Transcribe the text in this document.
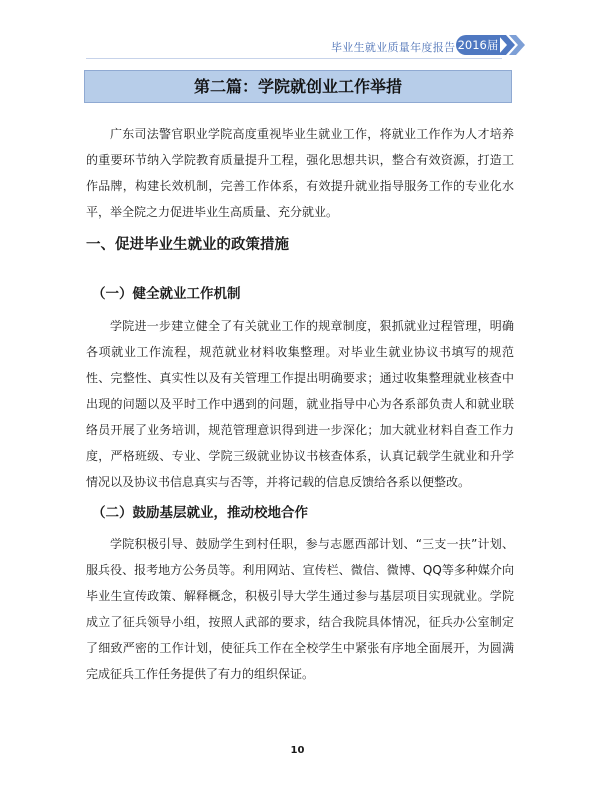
毕业生就业质量年度报告 2016届
第二篇：学院就创业工作举措

广东司法警官职业学院高度重视毕业生就业工作，将就业工作作为人才培养的重要环节纳入学院教育质量提升工程，强化思想共识，整合有效资源，打造工作品牌，构建长效机制，完善工作体系，有效提升就业指导服务工作的专业化水平，举全院之力促进毕业生高质量、充分就业。

一、促进毕业生就业的政策措施
（一）健全就业工作机制

学院进一步建立健全了有关就业工作的规章制度，狠抓就业过程管理，明确各项就业工作流程，规范就业材料收集整理。对毕业生就业协议书填写的规范性、完整性、真实性以及有关管理工作提出明确要求；通过收集整理就业核查中出现的问题以及平时工作中遇到的问题，就业指导中心为各系部负责人和就业联络员开展了业务培训，规范管理意识得到进一步深化；加大就业材料自查工作力度，严格班级、专业、学院三级就业协议书核查体系，认真记载学生就业和升学情况以及协议书信息真实与否等，并将记载的信息反馈给各系以便整改。

（二）鼓励基层就业，推动校地合作

学院积极引导、鼓励学生到村任职，参与志愿西部计划、“三支一扶”计划、服兵役、报考地方公务员等。利用网站、宣传栏、微信、微博、QQ等多种媒介向毕业生宣传政策、解释概念，积极引导大学生通过参与基层项目实现就业。学院成立了征兵领导小组，按照人武部的要求，结合我院具体情况，征兵办公室制定了细致严密的工作计划，使征兵工作在全校学生中紧张有序地全面展开，为圆满完成征兵工作任务提供了有力的组织保证。

10
